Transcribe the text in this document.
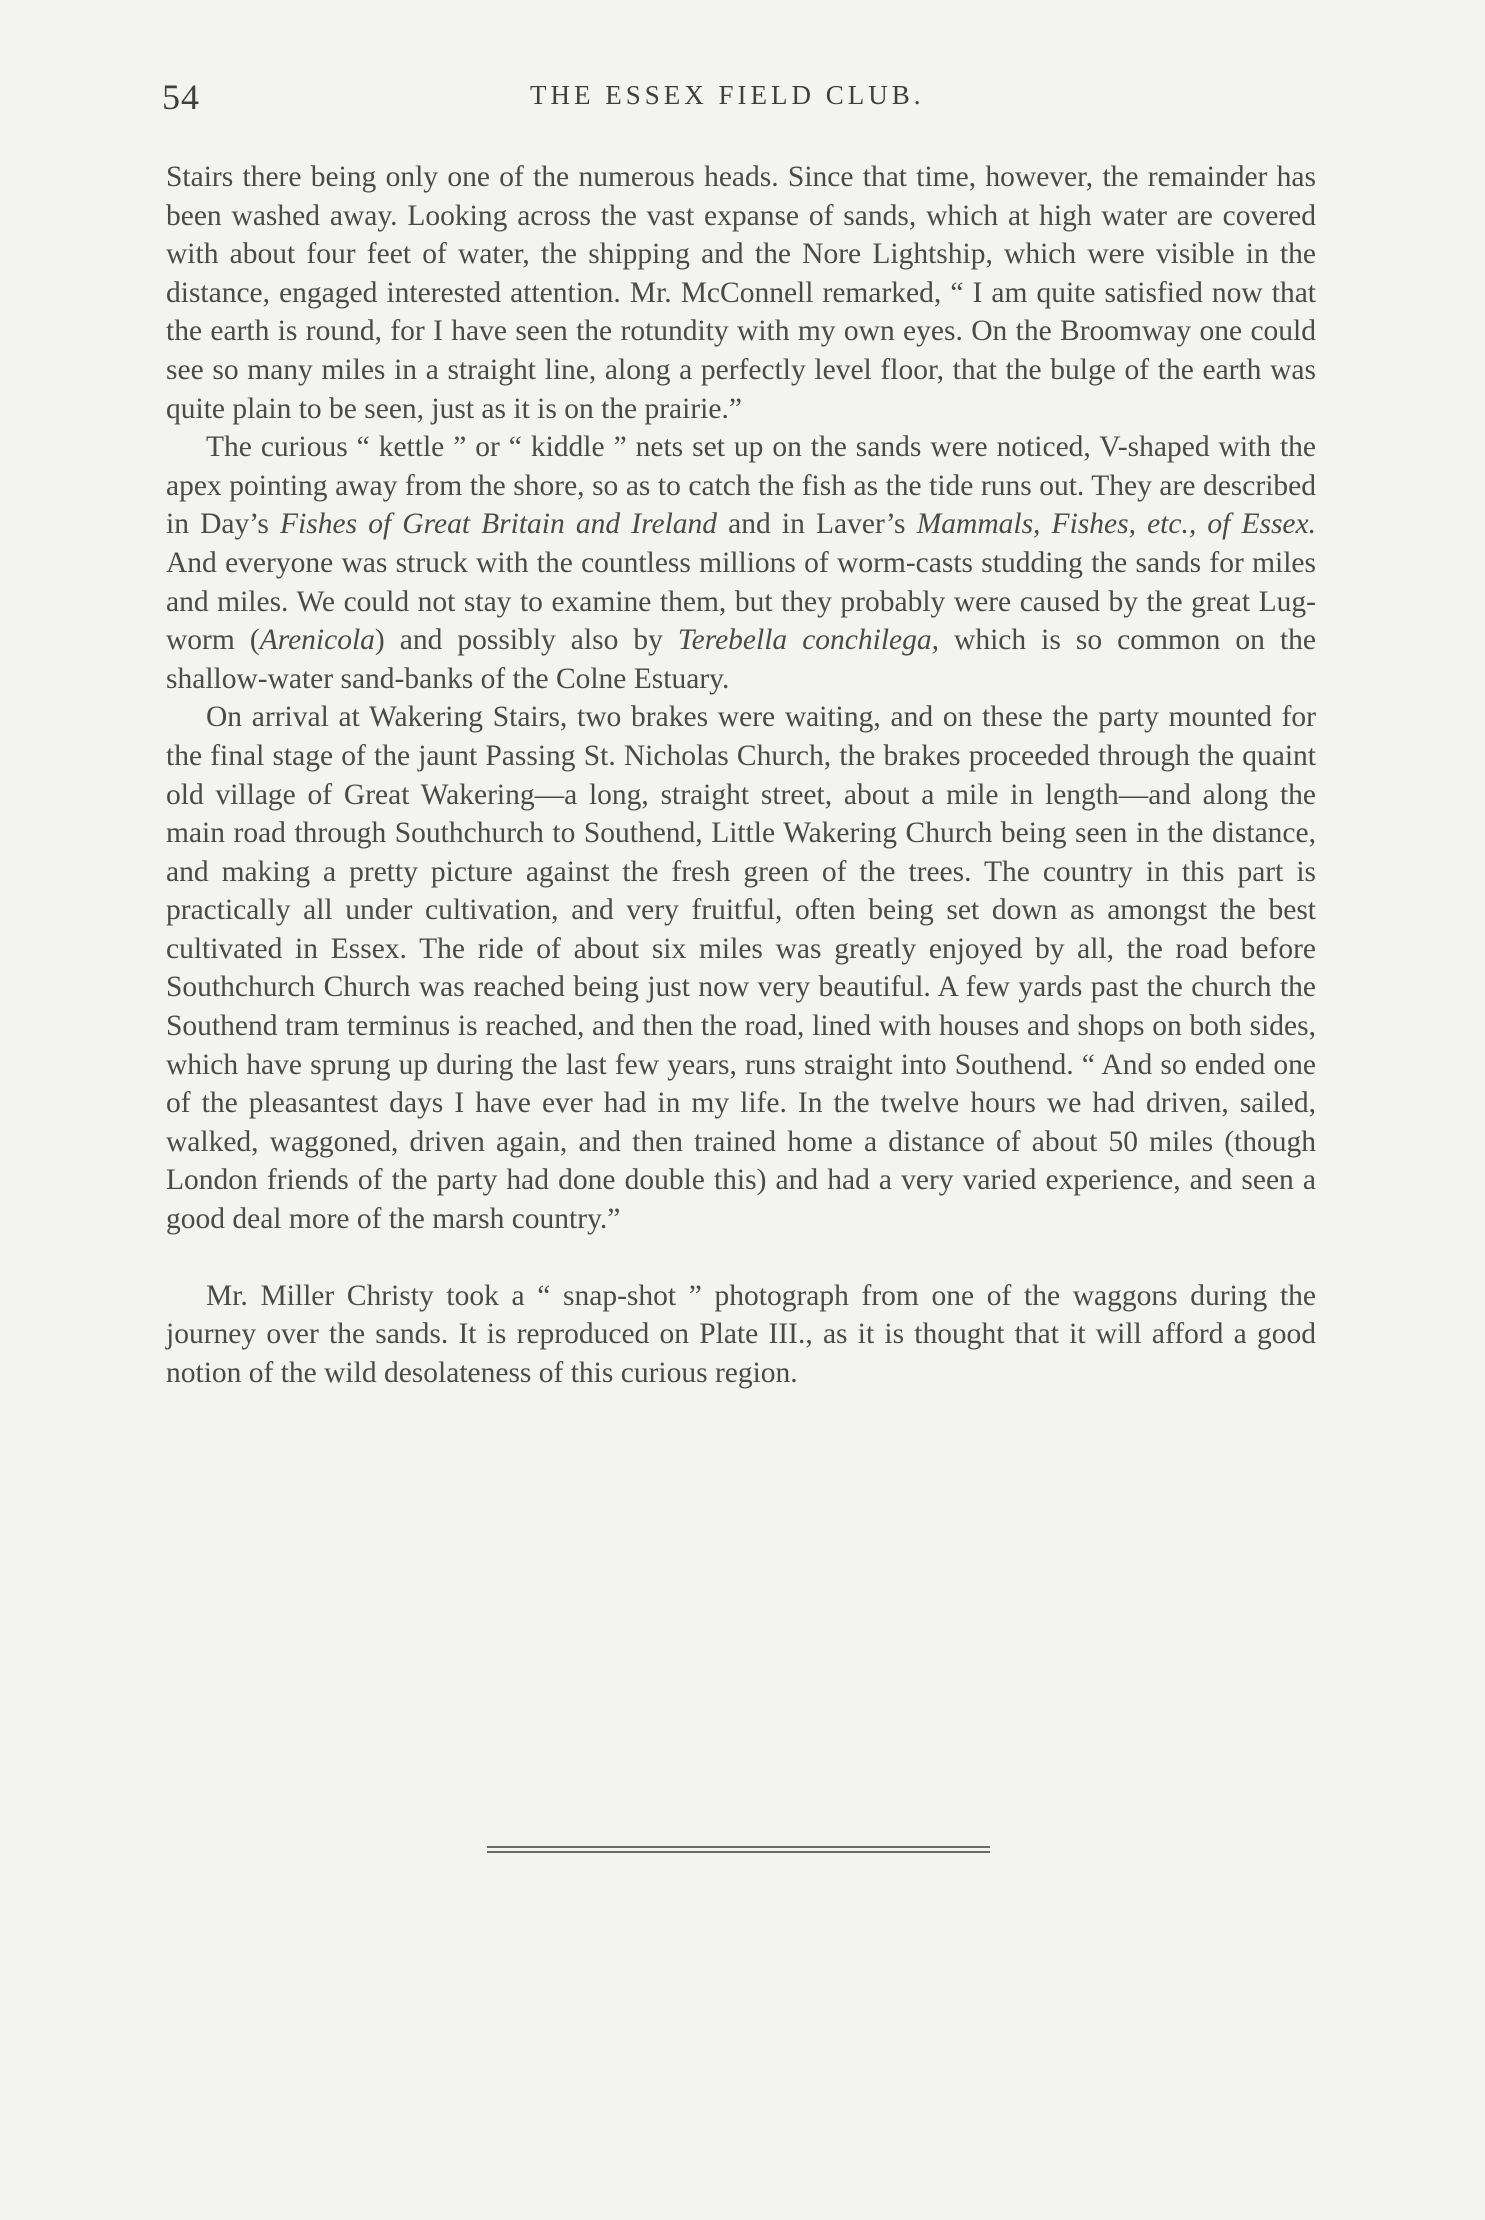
54	THE ESSEX FIELD CLUB.

Stairs there being only one of the numerous heads. Since that time, however, the remainder has been washed away. Looking across the vast expanse of sands, which at high water are covered with about four feet of water, the shipping and the Nore Lightship, which were visible in the distance, engaged interested attention. Mr. McConnell remarked, “ I am quite satisfied now that the earth is round, for I have seen the rotundity with my own eyes. On the Broomway one could see so many miles in a straight line, along a perfectly level floor, that the bulge of the earth was quite plain to be seen, just as it is on the prairie.”

The curious “ kettle ” or “ kiddle ” nets set up on the sands were noticed, V-shaped with the apex pointing away from the shore, so as to catch the fish as the tide runs out. They are described in Day’s Fishes of Great Britain and Ireland and in Laver’s Mammals, Fishes, etc., of Essex. And everyone was struck with the countless millions of worm-casts studding the sands for miles and miles. We could not stay to examine them, but they probably were caused by the great Lug-worm (Arenicola) and possibly also by Terebella conchilega, which is so common on the shallow-water sand-banks of the Colne Estuary.

On arrival at Wakering Stairs, two brakes were waiting, and on these the party mounted for the final stage of the jaunt Passing St. Nicholas Church, the brakes proceeded through the quaint old village of Great Wakering—a long, straight street, about a mile in length—and along the main road through Southchurch to Southend, Little Wakering Church being seen in the distance, and making a pretty picture against the fresh green of the trees. The country in this part is practically all under cultivation, and very fruitful, often being set down as amongst the best cultivated in Essex. The ride of about six miles was greatly enjoyed by all, the road before Southchurch Church was reached being just now very beautiful. A few yards past the church the Southend tram terminus is reached, and then the road, lined with houses and shops on both sides, which have sprung up during the last few years, runs straight into Southend. “ And so ended one of the pleasantest days I have ever had in my life. In the twelve hours we had driven, sailed, walked, waggoned, driven again, and then trained home a distance of about 50 miles (though London friends of the party had done double this) and had a very varied experience, and seen a good deal more of the marsh country.”

Mr. Miller Christy took a “ snap-shot ” photograph from one of the waggons during the journey over the sands. It is reproduced on Plate III., as it is thought that it will afford a good notion of the wild desolateness of this curious region.
